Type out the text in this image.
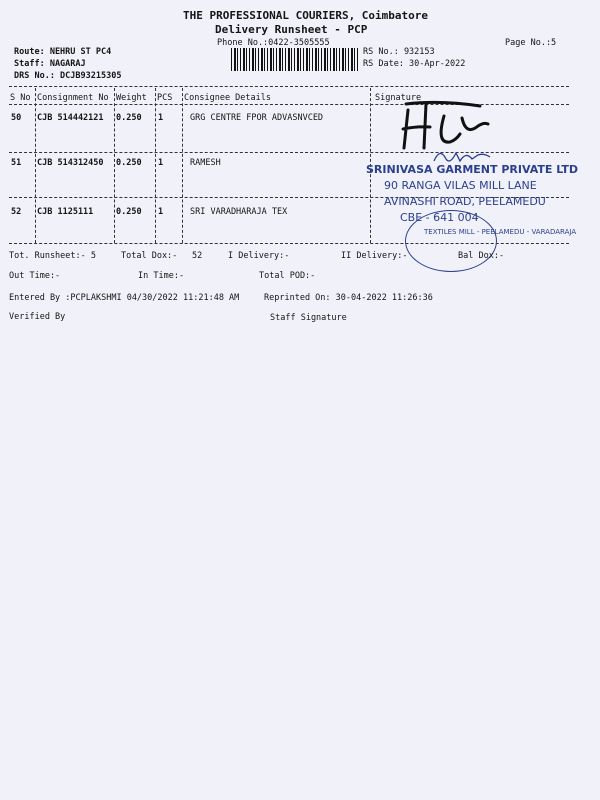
THE PROFESSIONAL COURIERS, Coimbatore
Delivery Runsheet - PCP
Phone No.:0422-3505555	Page No.:5
Route: NEHRU ST PC4
Staff: NAGARAJ
DRS No.: DCJB93215305
RS No.: 932153
RS Date: 30-Apr-2022
S No Consignment No Weight PCS Consignee Details	Signature
50 CJB 514442121 0.250 1	GRG CENTRE FPOR ADVASNVCED
51 CJB 514312450 0.250 1	RAMESH
52 CJB 1125111	0.250 1	SRI VARADHARAJA TEX
SRINIVASA GARMENT PRIVATE LTD
90 RANGA VILAS MILL LANE
AVINASHI ROAD, PEELAMEDU
CBE - 641 004
TEXTILES MILL - PEELAMEDU - VARADARAJA
Tot. Runsheet:- 5	Total Dox:- 52	I Delivery:-	II Delivery:-	Bal Dox:-
Out Time:-	In Time:-	Total POD:-
Entered By :PCPLAKSHMI 04/30/2022 11:21:48 AM	Reprinted On: 30-04-2022 11:26:36
Verified By	Staff Signature
